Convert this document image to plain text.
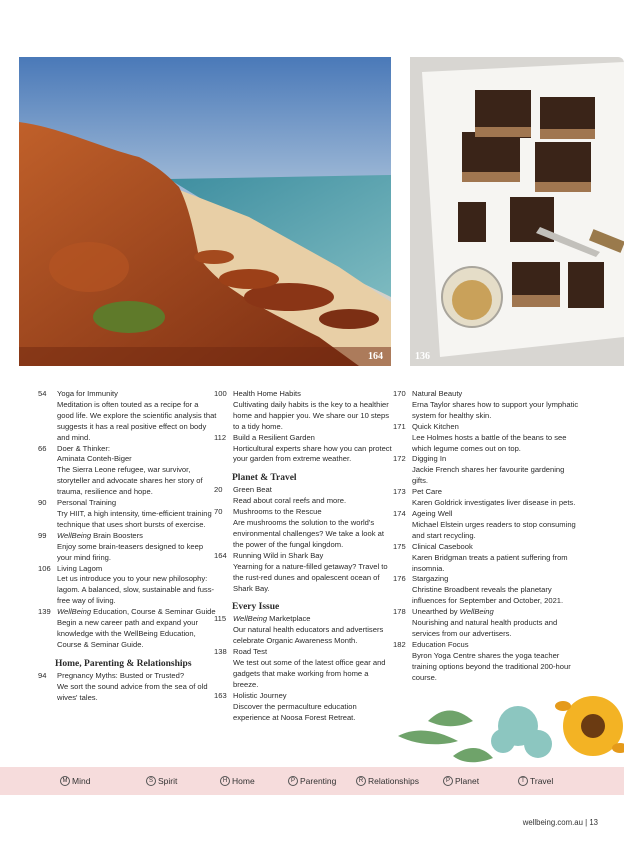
164	136
54	Yoga for Immunity
Meditation is often touted as a recipe for a good life. We explore the scientific analysis that suggests it has a real positive effect on body and mind.
66	Doer & Thinker:
Aminata Conteh-Biger
The Sierra Leone refugee, war survivor, storyteller and advocate shares her story of trauma, resilience and hope.
90	Personal Training
Try HIIT, a high intensity, time-efficient training technique that uses short bursts of exercise.
99	WellBeing Brain Boosters
Enjoy some brain-teasers designed to keep your mind firing.
106 Living Lagom
Let us introduce you to your new philosophy: lagom. A balanced, slow, sustainable and fuss-free way of living.
139 WellBeing Education, Course & Seminar Guide
Begin a new career path and expand your knowledge with the WellBeing Education, Course & Seminar Guide.
Home, Parenting & Relationships
94	Pregnancy Myths: Busted or Trusted?
We sort the sound advice from the sea of old wives' tales.
100 Health Home Habits
Cultivating daily habits is the key to a healthier home and happier you. We share our 10 steps to a tidy home.
112 Build a Resilient Garden
Horticultural experts share how you can protect your garden from extreme weather.
Planet & Travel
20	Green Beat
Read about coral reefs and more.
70	Mushrooms to the Rescue
Are mushrooms the solution to the world's environmental challenges? We take a look at the power of the fungal kingdom.
164 Running Wild in Shark Bay
Yearning for a nature-filled getaway? Travel to the rust-red dunes and opalescent ocean of Shark Bay.
Every Issue
115 WellBeing Marketplace
Our natural health educators and advertisers celebrate Organic Awareness Month.
138 Road Test
We test out some of the latest office gear and gadgets that make working from home a breeze.
163 Holistic Journey
Discover the permaculture education experience at Noosa Forest Retreat.
170 Natural Beauty
Erna Taylor shares how to support your lymphatic system for healthy skin.
171 Quick Kitchen
Lee Holmes hosts a battle of the beans to see which legume comes out on top.
172 Digging In
Jackie French shares her favourite gardening gifts.
173 Pet Care
Karen Goldrick investigates liver disease in pets.
174 Ageing Well
Michael Elstein urges readers to stop consuming and start recycling.
175 Clinical Casebook
Karen Bridgman treats a patient suffering from insomnia.
176 Stargazing
Christine Broadbent reveals the planetary influences for September and October, 2021.
178 Unearthed by WellBeing
Nourishing and natural health products and services from our advertisers.
182 Education Focus
Byron Yoga Centre shares the yoga teacher training options beyond the traditional 200-hour course.
M Mind	S Spirit	H Home	P Parenting	R Relationships	P Planet	T Travel
wellbeing.com.au | 13
